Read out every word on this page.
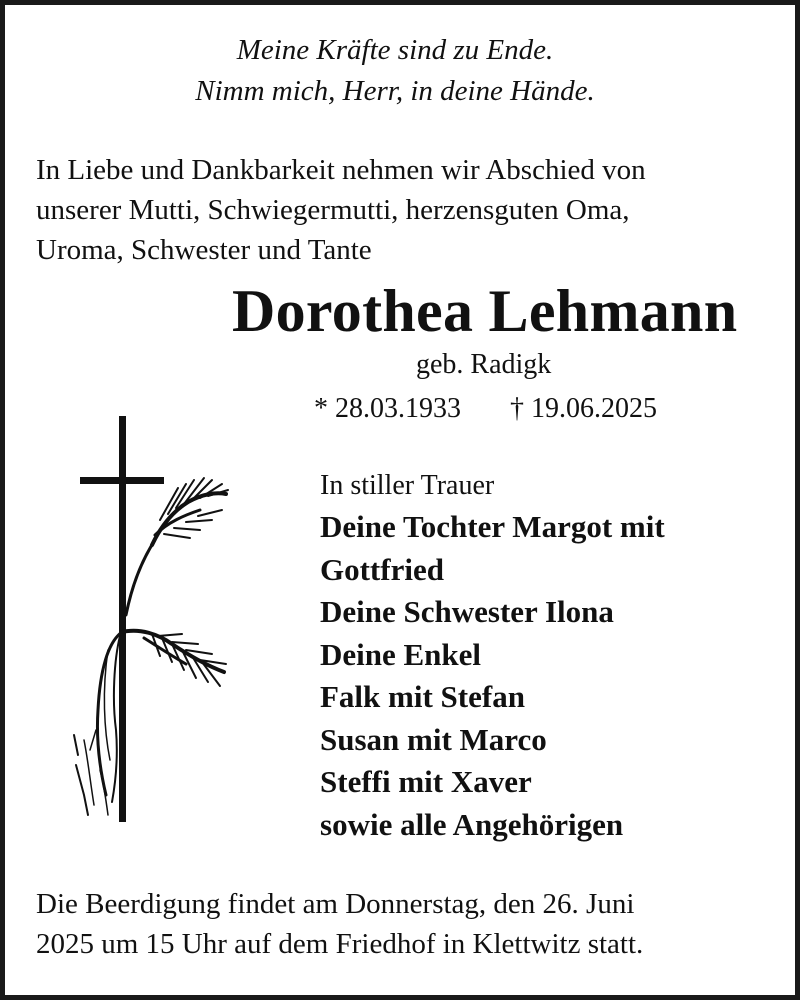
Meine Kräfte sind zu Ende.
Nimm mich, Herr, in deine Hände.
In Liebe und Dankbarkeit nehmen wir Abschied von
unserer Mutti, Schwiegermutti, herzensguten Oma,
Uroma, Schwester und Tante
Dorothea Lehmann
geb. Radigk
* 28.03.1933 † 19.06.2025
In stiller Trauer
Deine Tochter Margot mit
Gottfried
Deine Schwester Ilona
Deine Enkel
Falk mit Stefan
Susan mit Marco
Steffi mit Xaver
sowie alle Angehörigen
Die Beerdigung findet am Donnerstag, den 26. Juni
2025 um 15 Uhr auf dem Friedhof in Klettwitz statt.
